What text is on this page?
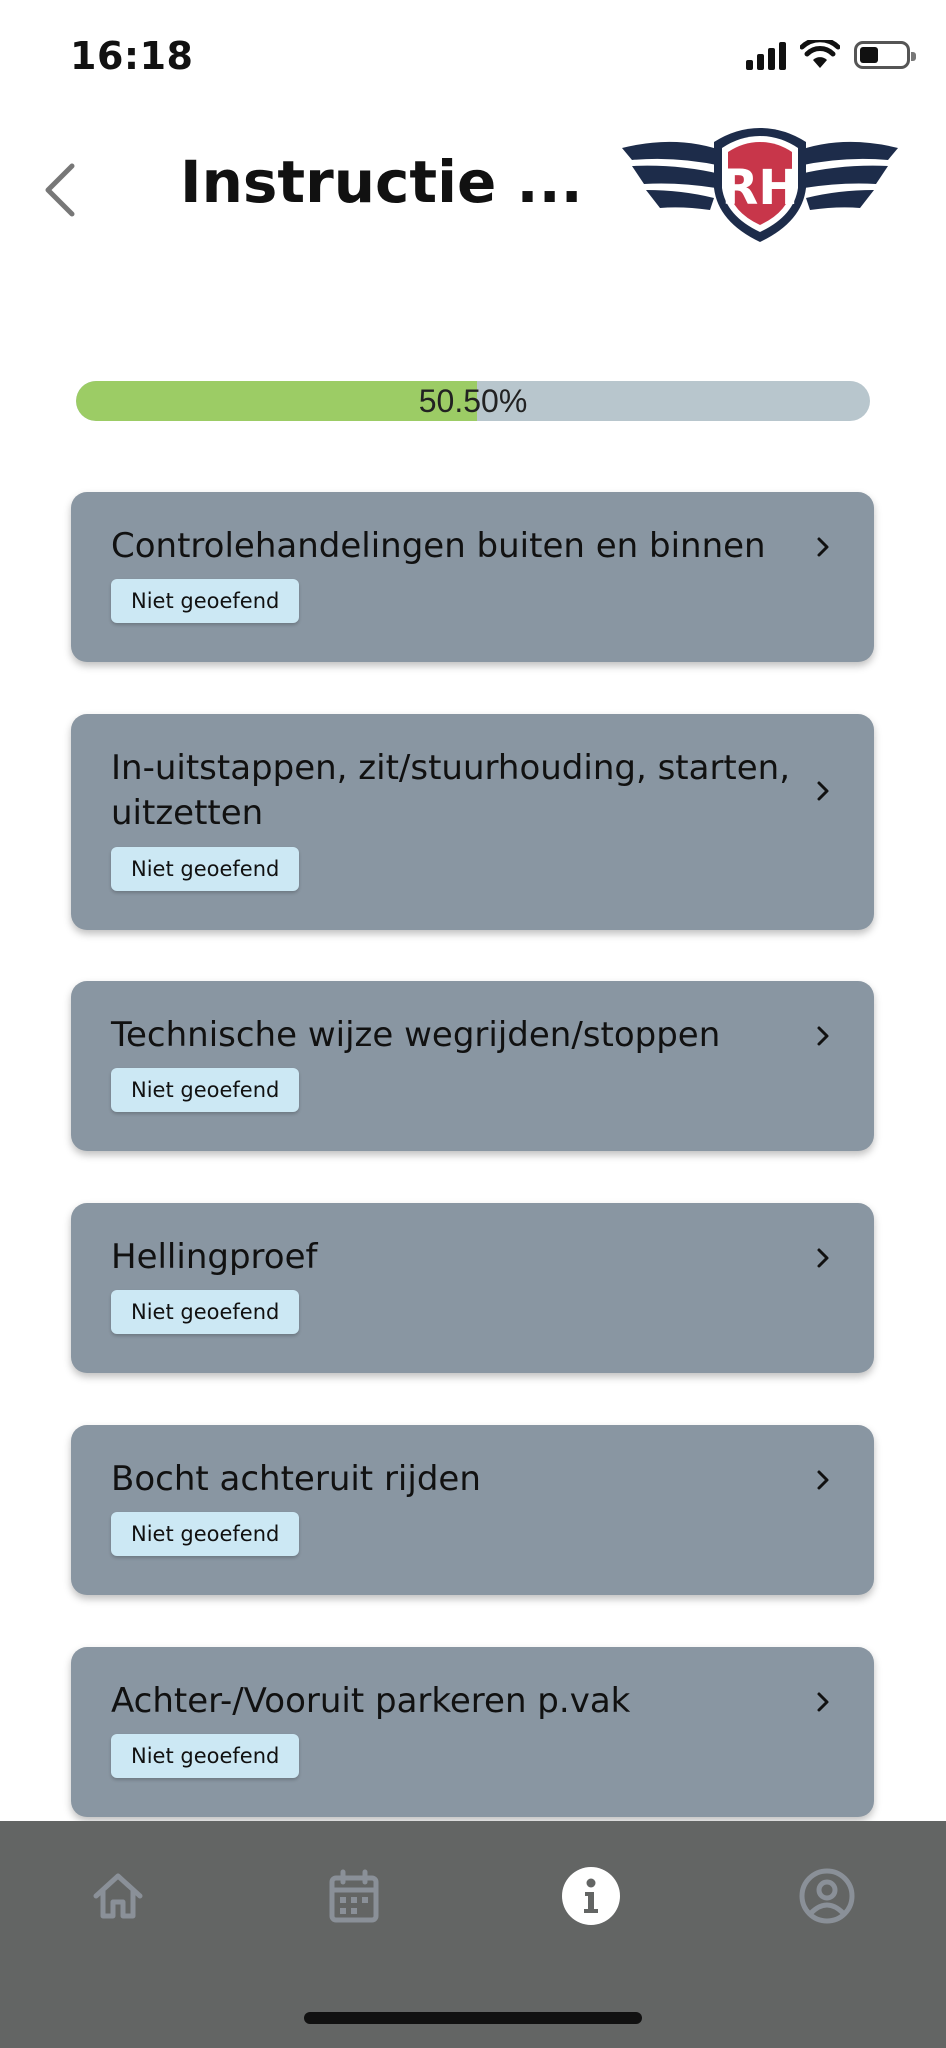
16:18
Instructie ...	RH
50.50%
Controlehandelingen buiten en binnen
Niet geoefend
In-uitstappen, zit/stuurhouding, starten, uitzetten
Niet geoefend
Technische wijze wegrijden/stoppen
Niet geoefend
Hellingproef
Niet geoefend
Bocht achteruit rijden
Niet geoefend
Achter-/Vooruit parkeren p.vak
Niet geoefend
